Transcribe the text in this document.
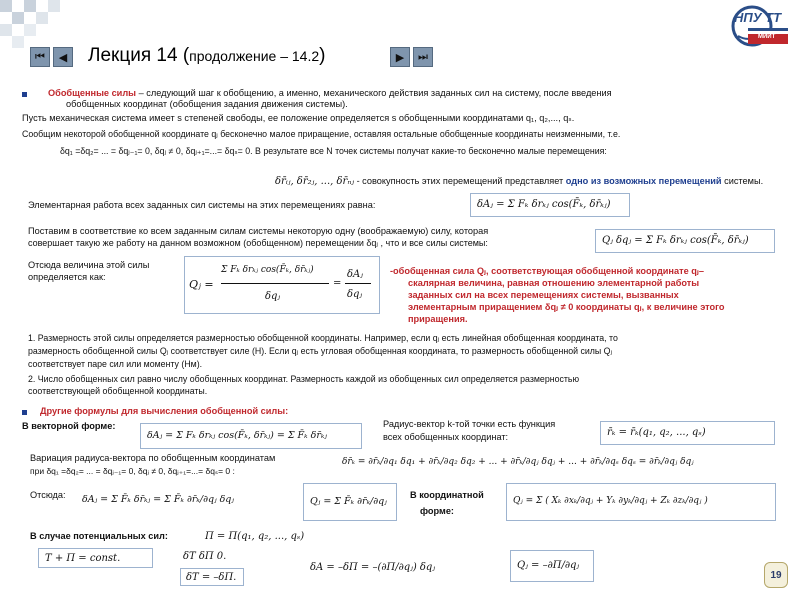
⏮ ◀	▶ ⏭
Лекция 14 (продолжение – 14.2)
НПУ ТТ
МИИТ
Обобщенные силы – следующий шаг к обобщению, а именно, механического действия заданных сил на систему, после введения
обобщенных координат (обобщения задания движения системы).
Пусть механическая система имеет s степеней свободы, ее положение определяется s обобщенными координатами q₁, q₂,..., qₛ.
Сообщим некоторой обобщенной координате qⱼ бесконечно малое приращение, оставляя остальные обобщенные координаты неизменными, т.е.
δq₁ =δq₂= ... = δqⱼ₋₁= 0, δqⱼ ≠ 0, δqⱼ₊₁=...= δqₛ= 0. В результате все N точек системы получат какие-то бесконечно малые перемещения:
δr̄ᵢⱼ, δr̄₂ⱼ, ..., δr̄ₙⱼ - совокупность этих перемещений представляет одно из возможных перемещений системы.
Элементарная работа всех заданных сил системы на этих перемещениях равна:	δAⱼ = Σ Fₖ δrₖⱼ cos(F̄ₖ, δr̄ₖⱼ)
Поставим в соответствие ко всем заданным силам системы некоторую одну (воображаемую) силу, которая
совершает такую же работу на данном возможном (обобщенном) перемещении δqⱼ , что и все силы системы:	Qⱼ δqⱼ = Σ Fₖ δrₖⱼ cos(F̄ₖ, δr̄ₖⱼ)
Отсюда величина этой силы
определяется как:
Qⱼ =
Σ Fₖ δrₖⱼ cos(F̄ₖ, δr̄ₖⱼ)
δqⱼ
=
δAⱼ
δqⱼ
-обобщенная сила Qⱼ, соответствующая обобщенной координате qⱼ–
скалярная величина, равная отношению элементарной работы
заданных сил на всех перемещениях системы, вызванных
элементарным приращением δqⱼ ≠ 0 координаты qⱼ, к величине этого
приращения.
1. Размерность этой силы определяется размерностью обобщенной координаты. Например, если qⱼ есть линейная обобщенная координата, то
размерность обобщенной силы Qⱼ соответствует силе (Н). Если qⱼ есть угловая обобщенная координата, то размерность обобщенной силы Qⱼ
соответствует паре сил или моменту (Нм).
2. Число обобщенных сил равно числу обобщенных координат. Размерность каждой из обобщенных сил определяется размерностью
соответствующей обобщенной координаты.
Другие формулы для вычисления обобщенной силы:
В векторной форме:
δAⱼ = Σ Fₖ δrₖⱼ cos(F̄ₖ, δr̄ₖⱼ) = Σ F̄ₖ δr̄ₖⱼ
Радиус-вектор k-той точки есть функция
всех обобщенных координат:	r̄ₖ = r̄ₖ(q₁, q₂, ..., qₛ)
Вариация радиуса-вектора по обобщенным координатам
при δq₁ =δq₂= ... = δqⱼ₋₁= 0, δqⱼ ≠ 0, δqⱼ₊₁=...= δqₛ= 0 :
δr̄ₖ = ∂r̄ₖ/∂q₁ δq₁ + ∂r̄ₖ/∂q₂ δq₂ + ... + ∂r̄ₖ/∂qⱼ δqⱼ + ... + ∂r̄ₖ/∂qₛ δqₛ = ∂r̄ₖ/∂qⱼ δqⱼ
Отсюда: δAⱼ = Σ F̄ₖ δr̄ₖⱼ = Σ F̄ₖ ∂r̄ₖ/∂qⱼ δqⱼ	Qⱼ = Σ F̄ₖ ∂r̄ₖ/∂qⱼ
В координатной
форме:
Qⱼ = Σ ( Xₖ ∂xₖ/∂qⱼ + Yₖ ∂yₖ/∂qⱼ + Zₖ ∂zₖ/∂qⱼ )
В случае потенциальных сил:	Π = Π(q₁, q₂, ..., qₛ)
T + Π = const.	δT δΠ 0.
δT = –δΠ.
δA = –δΠ = –(∂Π/∂qⱼ) δqⱼ	Qⱼ = –∂Π/∂qⱼ
19
